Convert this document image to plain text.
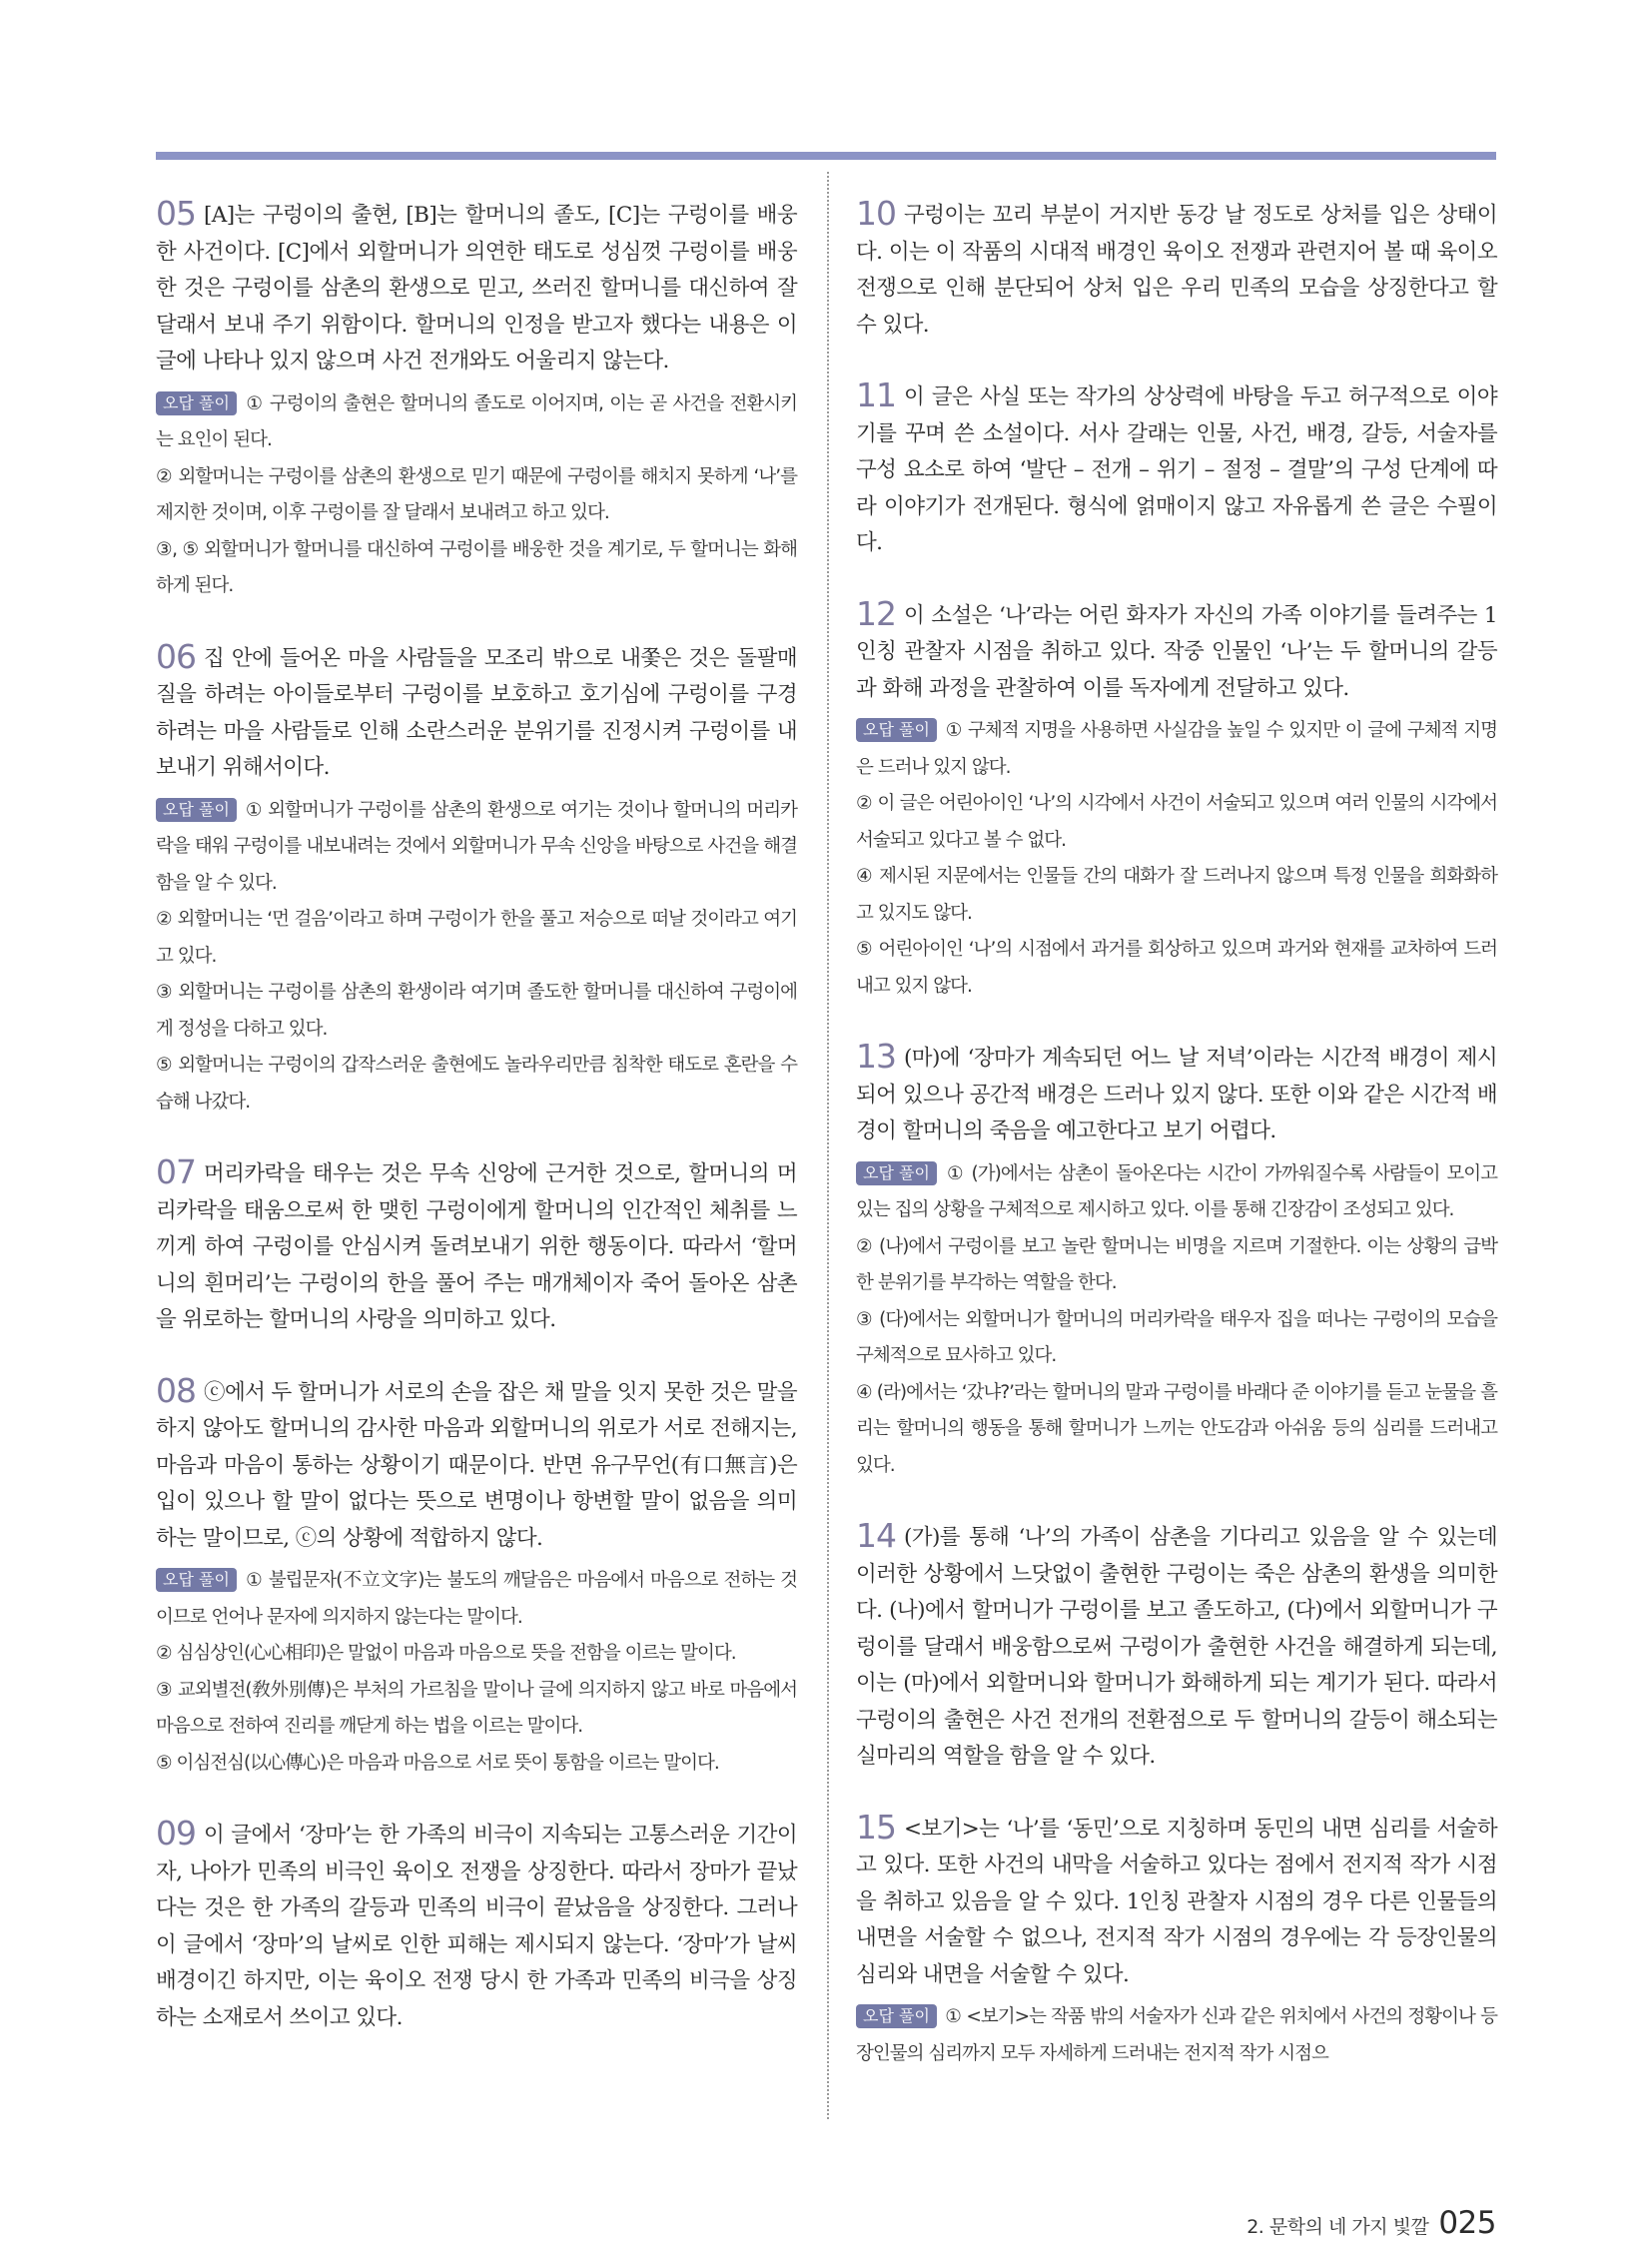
05 [A]는 구렁이의 출현, [B]는 할머니의 졸도, [C]는 구렁이를 배웅한 사건이다. [C]에서 외할머니가 의연한 태도로 성심껏 구렁이를 배웅한 것은 구렁이를 삼촌의 환생으로 믿고, 쓰러진 할머니를 대신하여 잘 달래서 보내 주기 위함이다. 할머니의 인정을 받고자 했다는 내용은 이 글에 나타나 있지 않으며 사건 전개와도 어울리지 않는다.

오답 풀이 ① 구렁이의 출현은 할머니의 졸도로 이어지며, 이는 곧 사건을 전환시키는 요인이 된다.

② 외할머니는 구렁이를 삼촌의 환생으로 믿기 때문에 구렁이를 해치지 못하게 ‘나’를 제지한 것이며, 이후 구렁이를 잘 달래서 보내려고 하고 있다.

③, ⑤ 외할머니가 할머니를 대신하여 구렁이를 배웅한 것을 계기로, 두 할머니는 화해하게 된다.

06 집 안에 들어온 마을 사람들을 모조리 밖으로 내쫓은 것은 돌팔매질을 하려는 아이들로부터 구렁이를 보호하고 호기심에 구렁이를 구경하려는 마을 사람들로 인해 소란스러운 분위기를 진정시켜 구렁이를 내보내기 위해서이다.

오답 풀이 ① 외할머니가 구렁이를 삼촌의 환생으로 여기는 것이나 할머니의 머리카락을 태워 구렁이를 내보내려는 것에서 외할머니가 무속 신앙을 바탕으로 사건을 해결함을 알 수 있다.

② 외할머니는 ‘먼 걸음’이라고 하며 구렁이가 한을 풀고 저승으로 떠날 것이라고 여기고 있다.

③ 외할머니는 구렁이를 삼촌의 환생이라 여기며 졸도한 할머니를 대신하여 구렁이에게 정성을 다하고 있다.

⑤ 외할머니는 구렁이의 갑작스러운 출현에도 놀라우리만큼 침착한 태도로 혼란을 수습해 나갔다.

07 머리카락을 태우는 것은 무속 신앙에 근거한 것으로, 할머니의 머리카락을 태움으로써 한 맺힌 구렁이에게 할머니의 인간적인 체취를 느끼게 하여 구렁이를 안심시켜 돌려보내기 위한 행동이다. 따라서 ‘할머니의 흰머리’는 구렁이의 한을 풀어 주는 매개체이자 죽어 돌아온 삼촌을 위로하는 할머니의 사랑을 의미하고 있다.

08 ⓒ에서 두 할머니가 서로의 손을 잡은 채 말을 잇지 못한 것은 말을 하지 않아도 할머니의 감사한 마음과 외할머니의 위로가 서로 전해지는, 마음과 마음이 통하는 상황이기 때문이다. 반면 유구무언(有口無言)은 입이 있으나 할 말이 없다는 뜻으로 변명이나 항변할 말이 없음을 의미하는 말이므로, ⓒ의 상황에 적합하지 않다.

오답 풀이 ① 불립문자(不立文字)는 불도의 깨달음은 마음에서 마음으로 전하는 것이므로 언어나 문자에 의지하지 않는다는 말이다.

② 심심상인(心心相印)은 말없이 마음과 마음으로 뜻을 전함을 이르는 말이다.

③ 교외별전(敎外別傳)은 부처의 가르침을 말이나 글에 의지하지 않고 바로 마음에서 마음으로 전하여 진리를 깨닫게 하는 법을 이르는 말이다.

⑤ 이심전심(以心傳心)은 마음과 마음으로 서로 뜻이 통함을 이르는 말이다.

09 이 글에서 ‘장마’는 한 가족의 비극이 지속되는 고통스러운 기간이자, 나아가 민족의 비극인 육이오 전쟁을 상징한다. 따라서 장마가 끝났다는 것은 한 가족의 갈등과 민족의 비극이 끝났음을 상징한다. 그러나 이 글에서 ‘장마’의 날씨로 인한 피해는 제시되지 않는다. ‘장마’가 날씨 배경이긴 하지만, 이는 육이오 전쟁 당시 한 가족과 민족의 비극을 상징하는 소재로서 쓰이고 있다.

10 구렁이는 꼬리 부분이 거지반 동강 날 정도로 상처를 입은 상태이다. 이는 이 작품의 시대적 배경인 육이오 전쟁과 관련지어 볼 때 육이오 전쟁으로 인해 분단되어 상처 입은 우리 민족의 모습을 상징한다고 할 수 있다.

11 이 글은 사실 또는 작가의 상상력에 바탕을 두고 허구적으로 이야기를 꾸며 쓴 소설이다. 서사 갈래는 인물, 사건, 배경, 갈등, 서술자를 구성 요소로 하여 ‘발단 – 전개 – 위기 – 절정 – 결말’의 구성 단계에 따라 이야기가 전개된다. 형식에 얽매이지 않고 자유롭게 쓴 글은 수필이다.

12 이 소설은 ‘나’라는 어린 화자가 자신의 가족 이야기를 들려주는 1인칭 관찰자 시점을 취하고 있다. 작중 인물인 ‘나’는 두 할머니의 갈등과 화해 과정을 관찰하여 이를 독자에게 전달하고 있다.

오답 풀이 ① 구체적 지명을 사용하면 사실감을 높일 수 있지만 이 글에 구체적 지명은 드러나 있지 않다.

② 이 글은 어린아이인 ‘나’의 시각에서 사건이 서술되고 있으며 여러 인물의 시각에서 서술되고 있다고 볼 수 없다.

④ 제시된 지문에서는 인물들 간의 대화가 잘 드러나지 않으며 특정 인물을 희화화하고 있지도 않다.

⑤ 어린아이인 ‘나’의 시점에서 과거를 회상하고 있으며 과거와 현재를 교차하여 드러내고 있지 않다.

13 (마)에 ‘장마가 계속되던 어느 날 저녁’이라는 시간적 배경이 제시되어 있으나 공간적 배경은 드러나 있지 않다. 또한 이와 같은 시간적 배경이 할머니의 죽음을 예고한다고 보기 어렵다.

오답 풀이 ① (가)에서는 삼촌이 돌아온다는 시간이 가까워질수록 사람들이 모이고 있는 집의 상황을 구체적으로 제시하고 있다. 이를 통해 긴장감이 조성되고 있다.

② (나)에서 구렁이를 보고 놀란 할머니는 비명을 지르며 기절한다. 이는 상황의 급박한 분위기를 부각하는 역할을 한다.

③ (다)에서는 외할머니가 할머니의 머리카락을 태우자 집을 떠나는 구렁이의 모습을 구체적으로 묘사하고 있다.

④ (라)에서는 ‘갔냐?’라는 할머니의 말과 구렁이를 바래다 준 이야기를 듣고 눈물을 흘리는 할머니의 행동을 통해 할머니가 느끼는 안도감과 아쉬움 등의 심리를 드러내고 있다.

14 (가)를 통해 ‘나’의 가족이 삼촌을 기다리고 있음을 알 수 있는데 이러한 상황에서 느닷없이 출현한 구렁이는 죽은 삼촌의 환생을 의미한다. (나)에서 할머니가 구렁이를 보고 졸도하고, (다)에서 외할머니가 구렁이를 달래서 배웅함으로써 구렁이가 출현한 사건을 해결하게 되는데, 이는 (마)에서 외할머니와 할머니가 화해하게 되는 계기가 된다. 따라서 구렁이의 출현은 사건 전개의 전환점으로 두 할머니의 갈등이 해소되는 실마리의 역할을 함을 알 수 있다.

15 <보기>는 ‘나’를 ‘동민’으로 지칭하며 동민의 내면 심리를 서술하고 있다. 또한 사건의 내막을 서술하고 있다는 점에서 전지적 작가 시점을 취하고 있음을 알 수 있다. 1인칭 관찰자 시점의 경우 다른 인물들의 내면을 서술할 수 없으나, 전지적 작가 시점의 경우에는 각 등장인물의 심리와 내면을 서술할 수 있다.

오답 풀이 ① <보기>는 작품 밖의 서술자가 신과 같은 위치에서 사건의 정황이나 등장인물의 심리까지 모두 자세하게 드러내는 전지적 작가 시점으

2. 문학의 네 가지 빛깔 025
